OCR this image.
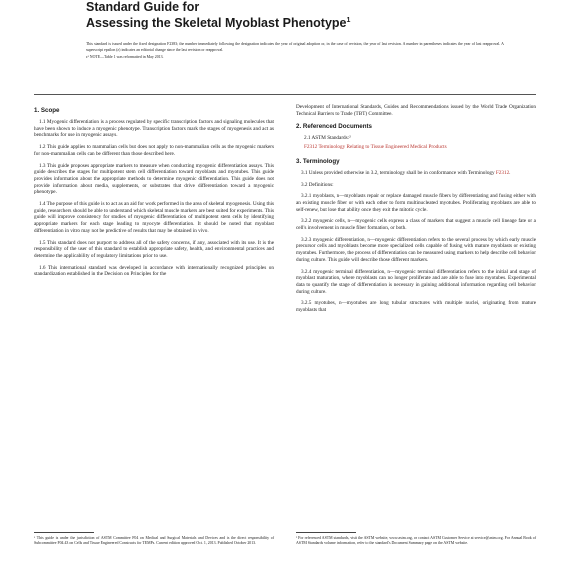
Standard Guide for
Assessing the Skeletal Myoblast Phenotype$^1$
This standard is issued under the fixed designation F2383; the number immediately following the designation indicates the year of original adoption or, in the case of revision, the year of last revision. A number in parentheses indicates the year of last reapproval. A superscript epsilon (ε) indicates an editorial change since the last revision or reapproval.
ε¹ NOTE—Table 1 was reformatted in May 2013.
1. Scope

1.1 Myogenic differentiation is a process regulated by specific transcription factors and signaling molecules that have been shown to induce a myogenic phenotype. Transcription factors mark the stages of myogenesis and act as benchmarks for use in myogenic assays.

1.2 This guide applies to mammalian cells but does not apply to non-mammalian cells as the myogenic markers for non-mammalian cells can be different than those described here.

1.3 This guide proposes appropriate markers to measure when conducting myogenic differentiation assays. This guide describes the stages for multipotent stem cell differentiation toward myoblasts and myotubes. This guide provides information about the appropriate methods to determine myogenic differentiation. This guide does not provide information about media, supplements, or substrates that drive differentiation toward a myogenic phenotype.

1.4 The purpose of this guide is to act as an aid for work performed in the area of skeletal myogenesis. Using this guide, researchers should be able to understand which skeletal muscle markers are best suited for experiments. This guide will improve consistency for studies of myogenic differentiation of multipotent stem cells by identifying appropriate markers for each stage leading to myocyte differentiation. It should be noted that myoblast differentiation in vitro may not be predictive of results that may be obtained in vivo.

1.5 This standard does not purport to address all of the safety concerns, if any, associated with its use. It is the responsibility of the user of this standard to establish appropriate safety, health, and environmental practices and determine the applicability of regulatory limitations prior to use.

1.6 This international standard was developed in accordance with internationally recognized principles on standardization established in the Decision on Principles for the

Development of International Standards, Guides and Recommendations issued by the World Trade Organization Technical Barriers to Trade (TBT) Committee.

2. Referenced Documents
2.1 ASTM Standards:²
F2312 Terminology Relating to Tissue Engineered Medical Products
3. Terminology

3.1 Unless provided otherwise in 3.2, terminology shall be in conformance with Terminology F2312.

3.2 Definitions:

3.2.1 myoblasts, n—myoblasts repair or replace damaged muscle fibers by differentiating and fusing either with an existing muscle fiber or with each other to form multinucleated myotubes. Proliferating myoblasts are able to self-renew, but lose that ability once they exit the mitotic cycle.

3.2.2 myogenic cells, n—myogenic cells express a class of markers that suggest a muscle cell lineage fate or a cell's involvement in muscle fiber formation, or both.

3.2.3 myogenic differentiation, n—myogenic differentiation refers to the several process by which early muscle precursor cells and myoblasts become more specialized cells capable of fusing with mature myoblasts or existing myotubes. Furthermore, the process of differentiation can be measured using markers to help describe cell behavior during culture. This guide will describe those different markers.

3.2.4 myogenic terminal differentiation, n—myogenic terminal differentiation refers to the initial and stage of myoblast maturation, where myoblasts can no longer proliferate and are able to fuse into myotubes. Experimental data to quantify the stage of differentiation is necessary in gaining additional information regarding cell behavior during culture.

3.2.5 myotubes, n—myotubes are long tubular structures with multiple nuclei, originating from mature myoblasts that

¹ This guide is under the jurisdiction of ASTM Committee F04 on Medical and Surgical Materials and Devices and is the direct responsibility of Subcommittee F04.43 on Cells and Tissue Engineered Constructs for TEMPs. Current edition approved Oct. 1, 2013. Published October 2013.
² For referenced ASTM standards, visit the ASTM website, www.astm.org, or contact ASTM Customer Service at service@astm.org. For Annual Book of ASTM Standards volume information, refer to the standard's Document Summary page on the ASTM website.
